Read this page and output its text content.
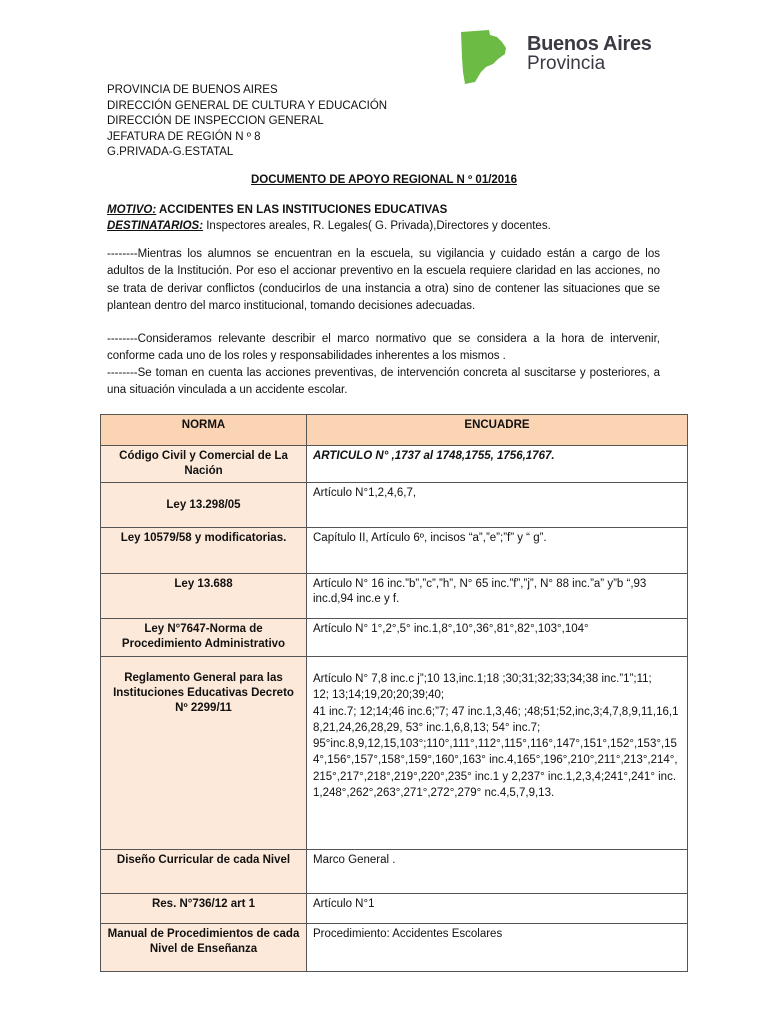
Buenos Aires
Provincia
PROVINCIA DE BUENOS AIRES
DIRECCIÓN GENERAL DE CULTURA Y EDUCACIÓN
DIRECCIÓN DE INSPECCION GENERAL
JEFATURA DE REGIÓN N º 8
G.PRIVADA-G.ESTATAL
DOCUMENTO DE APOYO REGIONAL N º 01/2016
MOTIVO: ACCIDENTES EN LAS INSTITUCIONES EDUCATIVAS
DESTINATARIOS: Inspectores areales, R. Legales( G. Privada),Directores y docentes.
--------Mientras los alumnos se encuentran en la escuela, su vigilancia y cuidado están a cargo de los adultos de la Institución. Por eso el accionar preventivo en la escuela requiere claridad en las acciones, no se trata de derivar conflictos (conducirlos de una instancia a otra) sino de contener las situaciones que se plantean dentro del marco institucional, tomando decisiones adecuadas.
--------Consideramos relevante describir el marco normativo que se considera a la hora de intervenir, conforme cada uno de los roles y responsabilidades inherentes a los mismos .
--------Se toman en cuenta las acciones preventivas, de intervención concreta al suscitarse y posteriores, a una situación vinculada a un accidente escolar.
NORMA	ENCUADRE
Código Civil y Comercial de La Nación	ARTICULO N° ,1737 al 1748,1755, 1756,1767.
Ley 13.298/05	Artículo N°1,2,4,6,7,
Ley 10579/58 y modificatorias.	Capítulo II, Artículo 6º, incisos “a”,”e”;”f” y “ g”.
Ley 13.688	Artículo N° 16 inc.”b”,”c”,”h”, N° 65 inc.”f”,”j”, N° 88 inc.”a” y”b “,93 inc.d,94 inc.e y f.
Ley N°7647-Norma de Procedimiento Administrativo	Artículo N° 1°,2°,5° inc.1,8°,10°,36°,81°,82°,103°,104°
Reglamento General para las Instituciones Educativas Decreto Nº 2299/11	Artículo N° 7,8 inc.c j”;10 13,inc.1;18 ;30;31;32;33;34;38 inc.”1”;11;
12; 13;14;19,20;20;39;40;
41 inc.7; 12;14;46 inc.6;”7; 47 inc.1,3,46; ;48;51;52,inc,3;4,7,8,9,11,16,18,21,24,26,28,29, 53° inc.1,6,8,13; 54° inc.7;
95°inc.8,9,12,15,103°;110°,111°,112°,115°,116°,147°,151°,152°,153°,154°,156°,157°,158°,159°,160°,163° inc.4,165°,196°,210°,211°,213°,214°,215°,217°,218°,219°,220°,235° inc.1 y 2,237° inc.1,2,3,4;241°,241° inc.1,248°,262°,263°,271°,272°,279° nc.4,5,7,9,13.
Diseño Curricular de cada Nivel	Marco General .
Res. N°736/12 art 1	Artículo N°1
Manual de Procedimientos de cada Nivel de Enseñanza	Procedimiento: Accidentes Escolares
